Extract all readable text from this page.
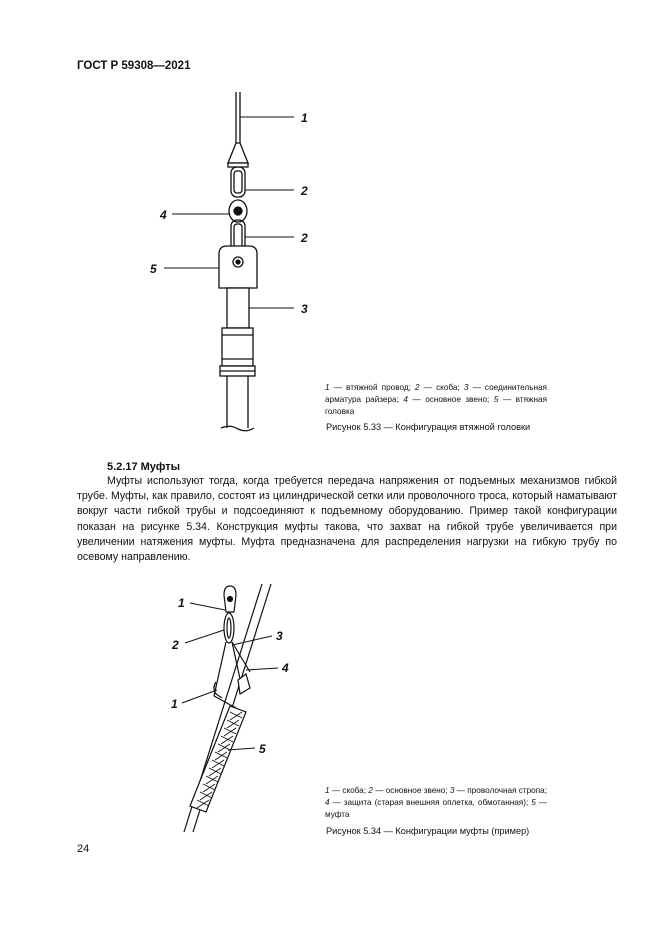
ГОСТ Р 59308—2021
1
2
4
2
5
3
1 — втяжной провод; 2 — скоба; 3 — соединительная арматура райзера; 4 — основное звено; 5 — втяжная головка
Рисунок 5.33 — Конфигурация втяжной головки
5.2.17 Муфты
Муфты используют тогда, когда требуется передача напряжения от подъемных механизмов гибкой трубе. Муфты, как правило, состоят из цилиндрической сетки или проволочного троса, который наматывают вокруг части гибкой трубы и подсоединяют к подъемному оборудованию. Пример такой конфигурации показан на рисунке 5.34. Конструкция муфты такова, что захват на гибкой трубе увеличивается при увеличении натяжения муфты. Муфта предназначена для распределения нагрузки на гибкую трубу по осевому направлению.
1
2
3
4
1
5
1 — скоба; 2 — основное звено; 3 — проволочная стропа; 4 — защита (старая внешняя оплетка, обмотанная); 5 — муфта
Рисунок 5.34 — Конфигурации муфты (пример)
24
